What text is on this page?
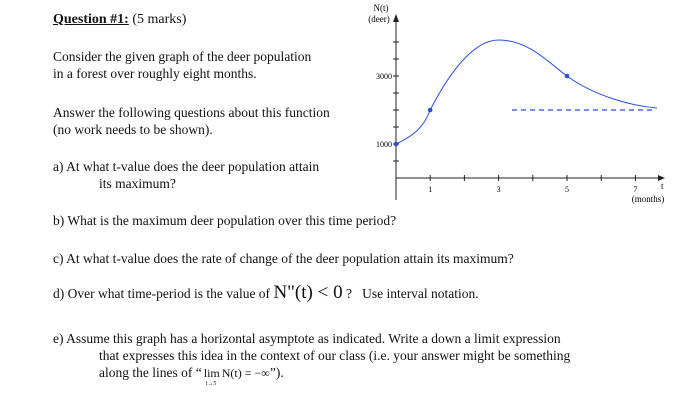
Question #1: (5 marks)
Consider the given graph of the deer population
in a forest over roughly eight months.
Answer the following questions about this function
(no work needs to be shown).
a) At what t-value does the deer population attain
its maximum?
b) What is the maximum deer population over this time period?
c) At what t-value does the rate of change of the deer population attain its maximum?
d) Over what time-period is the value of N"(t) < 0 ? Use interval notation.
e) Assume this graph has a horizontal asymptote as indicated. Write a down a limit expression
that expresses this idea in the context of our class (i.e. your answer might be something
along the lines of “ lim
t→5
N(t) = −∞”).
1000
3000
1	3	5	7
N(t)
(deer)
t
(months)
